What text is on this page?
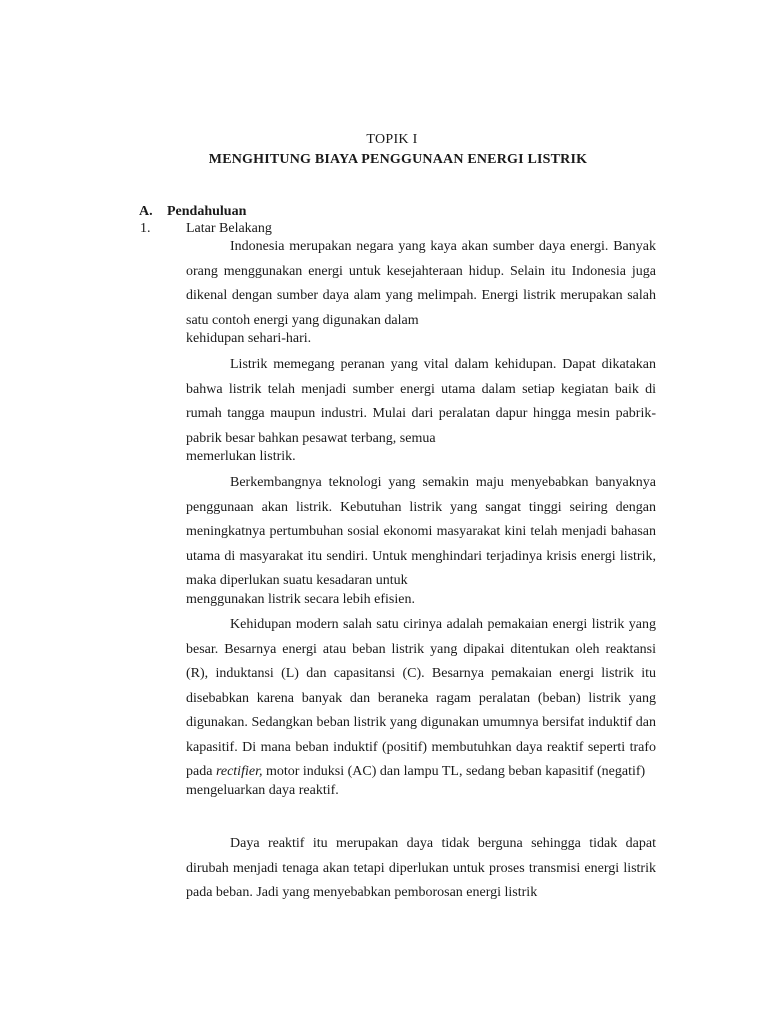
TOPIK I
MENGHITUNG BIAYA PENGGUNAAN ENERGI LISTRIK
A. Pendahuluan
1.	Latar Belakang

Indonesia merupakan negara yang kaya akan sumber daya energi. Banyak orang menggunakan energi untuk kesejahteraan hidup. Selain itu Indonesia juga dikenal dengan sumber daya alam yang melimpah. Energi listrik merupakan salah satu contoh energi yang digunakan dalam
kehidupan sehari-hari.

Listrik memegang peranan yang vital dalam kehidupan. Dapat dikatakan bahwa listrik telah menjadi sumber energi utama dalam setiap kegiatan baik di rumah tangga maupun industri. Mulai dari peralatan dapur hingga mesin pabrik-pabrik besar bahkan pesawat terbang, semua
memerlukan listrik.

Berkembangnya teknologi yang semakin maju menyebabkan banyaknya penggunaan akan listrik. Kebutuhan listrik yang sangat tinggi seiring dengan meningkatnya pertumbuhan sosial ekonomi masyarakat kini telah menjadi bahasan utama di masyarakat itu sendiri. Untuk menghindari terjadinya krisis energi listrik, maka diperlukan suatu kesadaran untuk
menggunakan listrik secara lebih efisien.

Kehidupan modern salah satu cirinya adalah pemakaian energi listrik yang besar. Besarnya energi atau beban listrik yang dipakai ditentukan oleh reaktansi (R), induktansi (L) dan capasitansi (C). Besarnya pemakaian energi listrik itu disebabkan karena banyak dan beraneka ragam peralatan (beban) listrik yang digunakan. Sedangkan beban listrik yang digunakan umumnya bersifat induktif dan kapasitif. Di mana beban induktif (positif) membutuhkan daya reaktif seperti trafo pada rectifier, motor induksi (AC) dan lampu TL, sedang beban kapasitif (negatif)
mengeluarkan daya reaktif.

Daya reaktif itu merupakan daya tidak berguna sehingga tidak dapat dirubah menjadi tenaga akan tetapi diperlukan untuk proses transmisi energi listrik pada beban. Jadi yang menyebabkan pemborosan energi listrik
